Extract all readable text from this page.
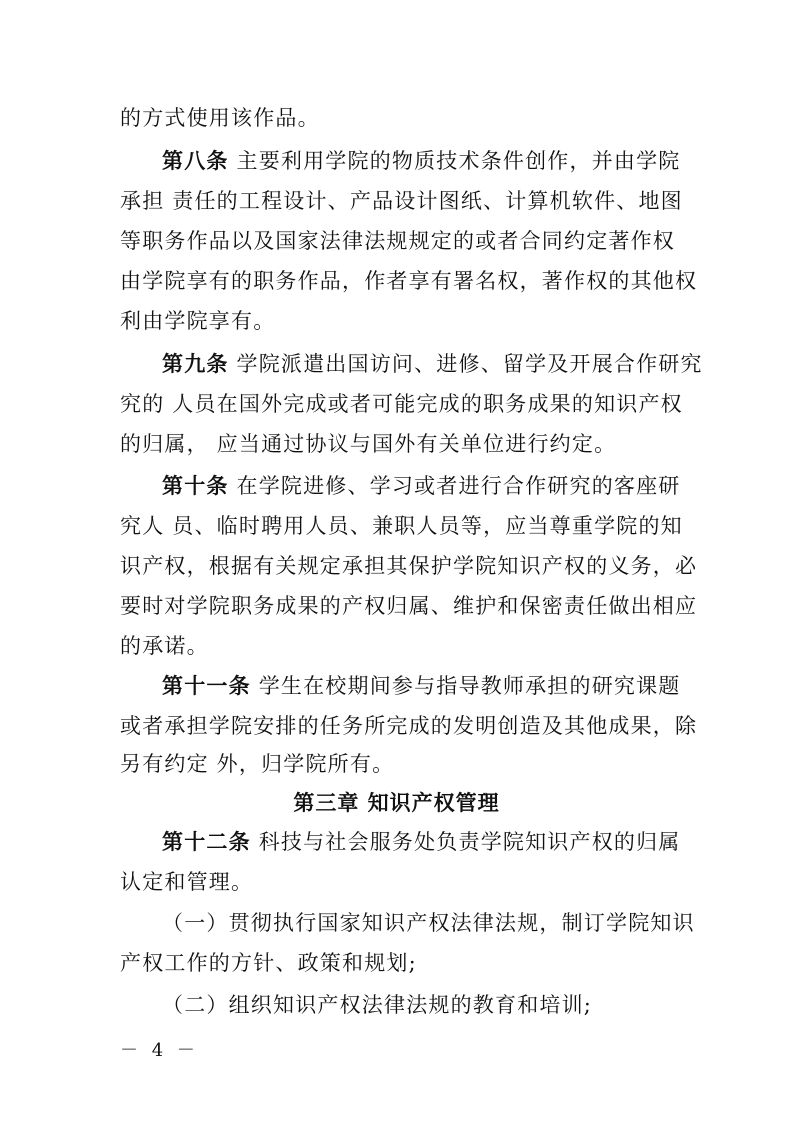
的方式使用该作品。
第八条 主要利用学院的物质技术条件创作，并由学院
承担 责任的工程设计、产品设计图纸、计算机软件、地图
等职务作品以及国家法律法规规定的或者合同约定著作权
由学院享有的职务作品，作者享有署名权，著作权的其他权
利由学院享有。
第九条 学院派遣出国访问、进修、留学及开展合作研究
究的 人员在国外完成或者可能完成的职务成果的知识产权
的归属， 应当通过协议与国外有关单位进行约定。
第十条 在学院进修、学习或者进行合作研究的客座研
究人 员、临时聘用人员、兼职人员等，应当尊重学院的知
识产权，根据有关规定承担其保护学院知识产权的义务，必
要时对学院职务成果的产权归属、维护和保密责任做出相应
的承诺。
第十一条 学生在校期间参与指导教师承担的研究课题
或者承担学院安排的任务所完成的发明创造及其他成果，除
另有约定 外，归学院所有。
第三章 知识产权管理
第十二条 科技与社会服务处负责学院知识产权的归属
认定和管理。
（一）贯彻执行国家知识产权法律法规，制订学院知识
产权工作的方针、政策和规划;
（二）组织知识产权法律法规的教育和培训;
－ 4 －
